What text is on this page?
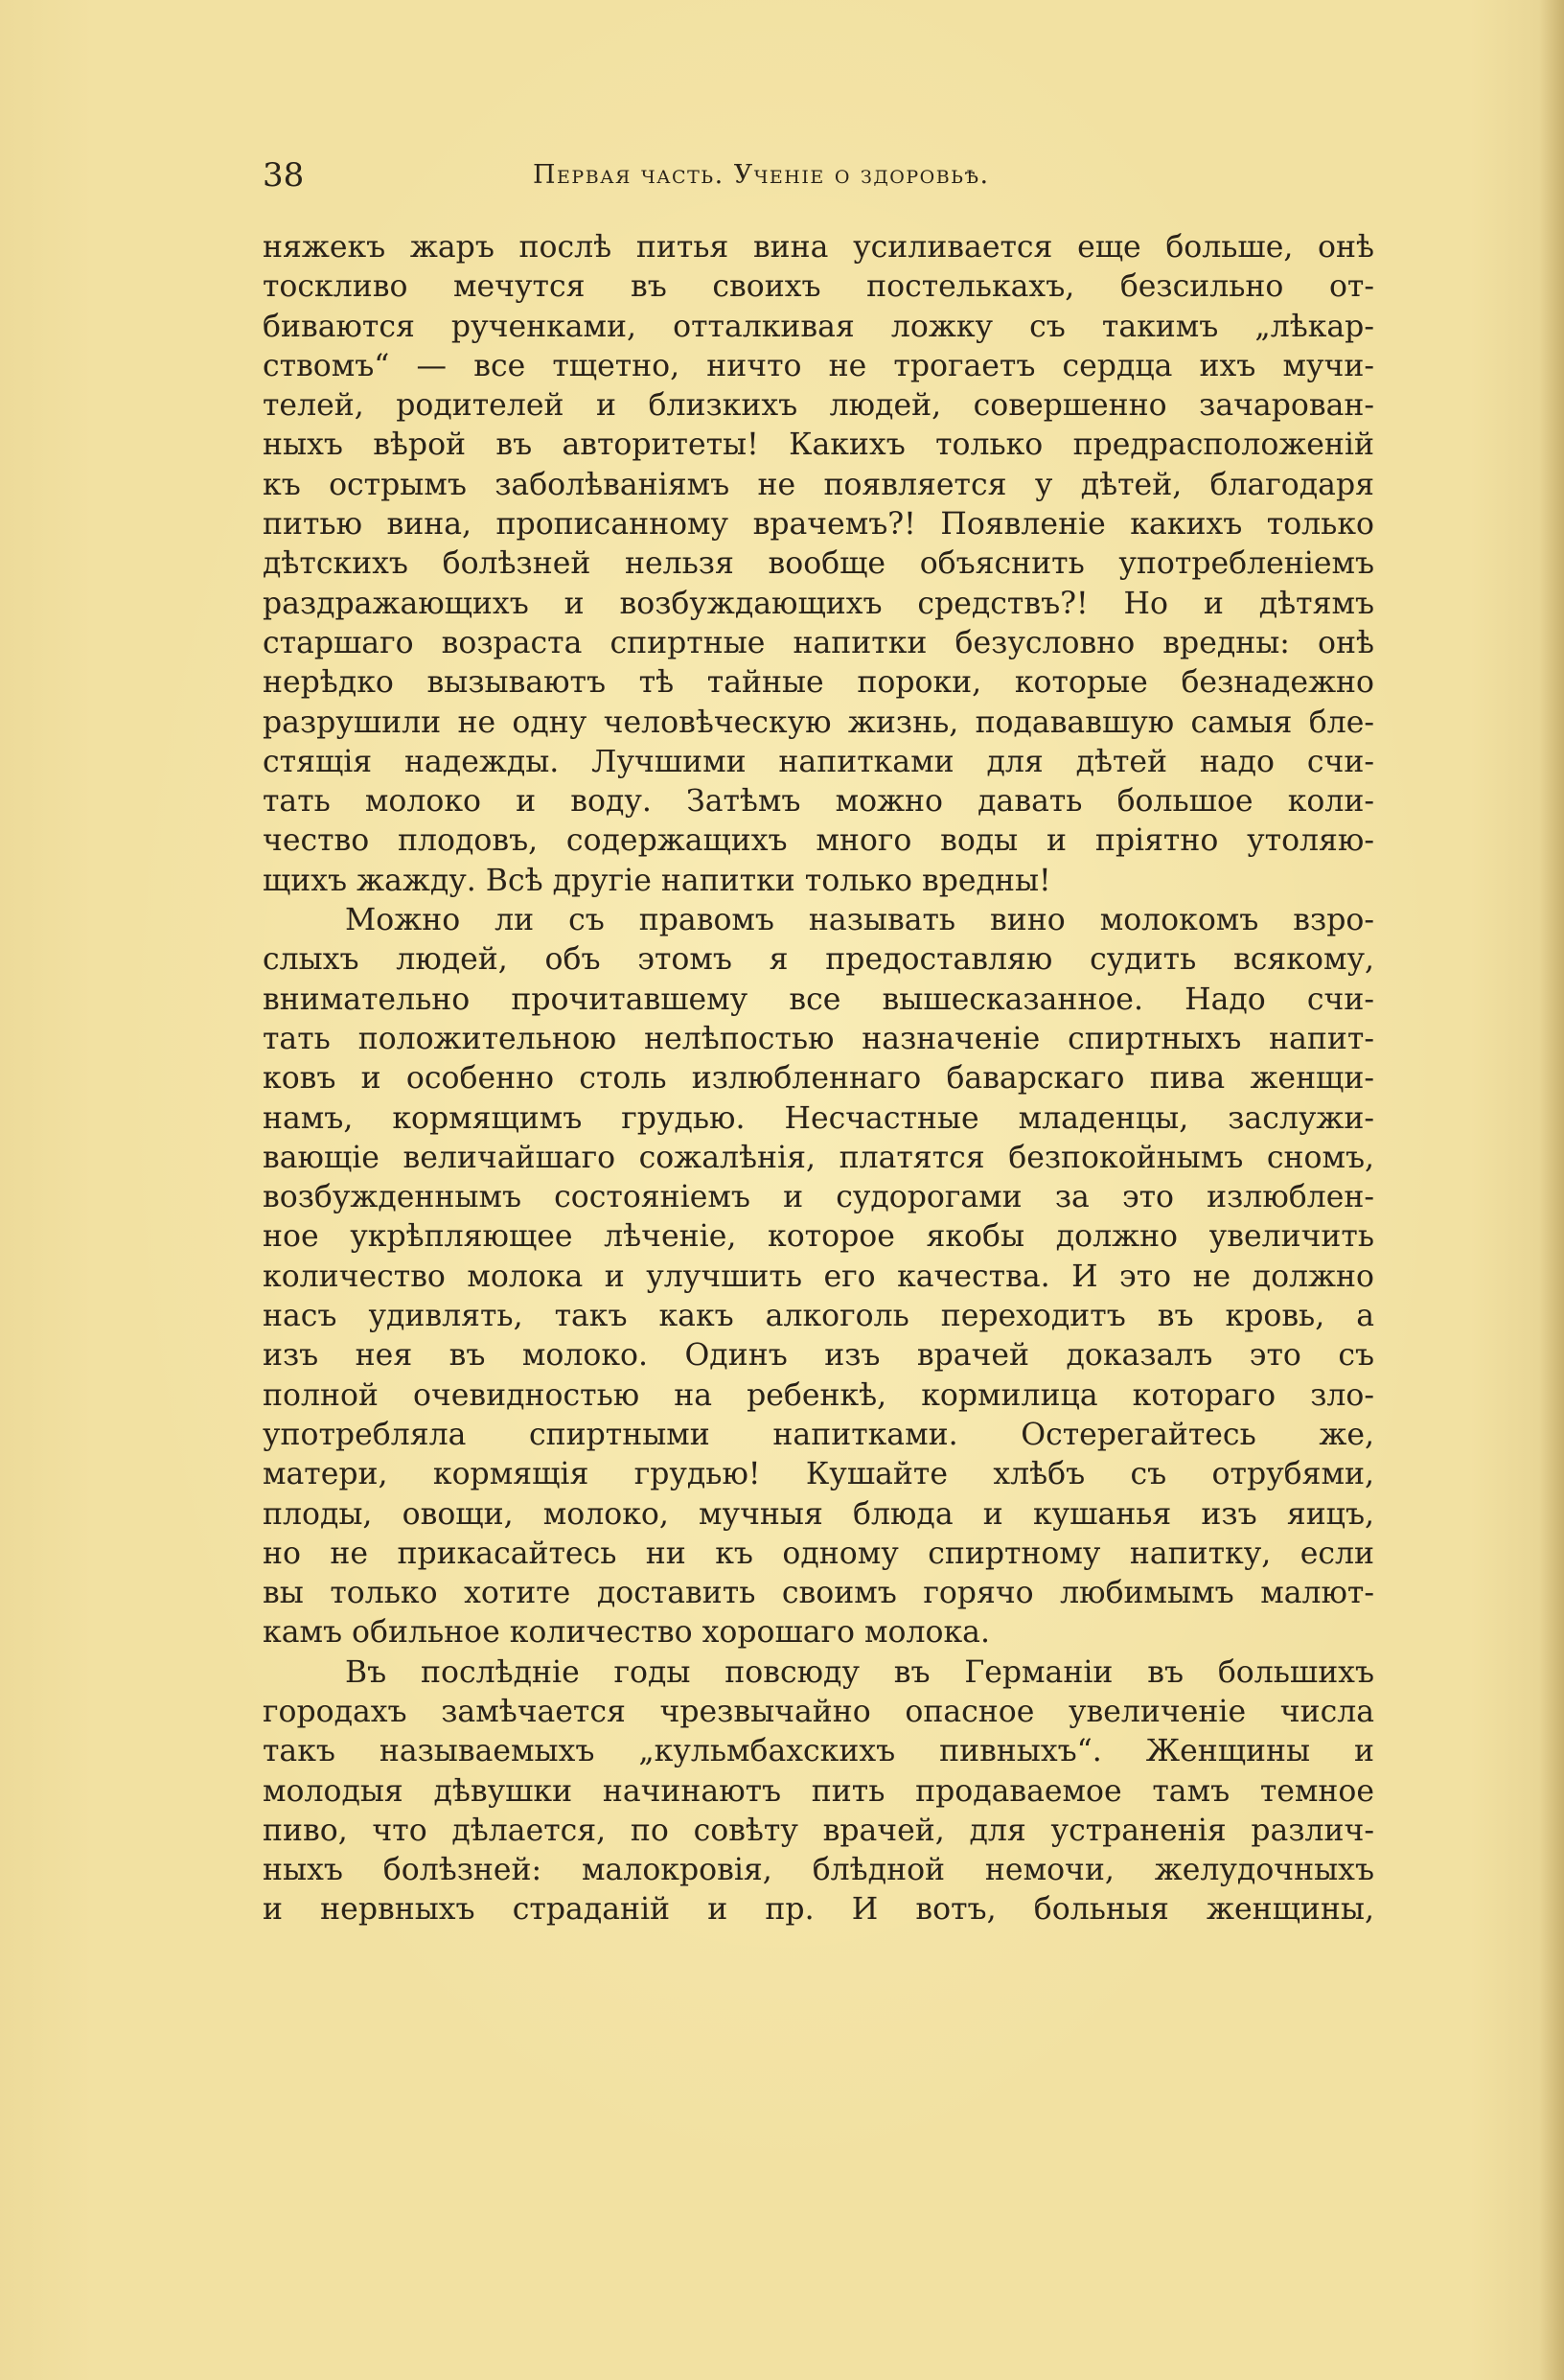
38	Первая часть. Ученіе о здоровьѣ.
няжекъ жаръ послѣ питья вина усиливается еще больше, онѣ
тоскливо мечутся въ своихъ постелькахъ, безсильно от-
биваются рученками, отталкивая ложку съ такимъ „лѣкар-
ствомъ“ — все тщетно, ничто не трогаетъ сердца ихъ мучи-
телей, родителей и близкихъ людей, совершенно зачарован-
ныхъ вѣрой въ авторитеты! Какихъ только предрасположеній
къ острымъ заболѣваніямъ не появляется у дѣтей, благодаря
питью вина, прописанному врачемъ?! Появленіе какихъ только
дѣтскихъ болѣзней нельзя вообще объяснить употребленіемъ
раздражающихъ и возбуждающихъ средствъ?! Но и дѣтямъ
старшаго возраста спиртные напитки безусловно вредны: онѣ
нерѣдко вызываютъ тѣ тайные пороки, которые безнадежно
разрушили не одну человѣческую жизнь, подававшую самыя бле-
стящія надежды. Лучшими напитками для дѣтей надо счи-
тать молоко и воду. Затѣмъ можно давать большое коли-
чество плодовъ, содержащихъ много воды и пріятно утоляю-
щихъ жажду. Всѣ другіе напитки только вредны!
Можно ли съ правомъ называть вино молокомъ взро-
слыхъ людей, объ этомъ я предоставляю судить всякому,
внимательно прочитавшему все вышесказанное. Надо счи-
тать положительною нелѣпостью назначеніе спиртныхъ напит-
ковъ и особенно столь излюбленнаго баварскаго пива женщи-
намъ, кормящимъ грудью. Несчастные младенцы, заслужи-
вающіе величайшаго сожалѣнія, платятся безпокойнымъ сномъ,
возбужденнымъ состояніемъ и судорогами за это излюблен-
ное укрѣпляющее лѣченіе, которое якобы должно увеличить
количество молока и улучшить его качества. И это не должно
насъ удивлять, такъ какъ алкоголь переходитъ въ кровь, а
изъ нея въ молоко. Одинъ изъ врачей доказалъ это съ
полной очевидностью на ребенкѣ, кормилица котораго зло-
употребляла спиртными напитками. Остерегайтесь же,
матери, кормящія грудью! Кушайте хлѣбъ съ отрубями,
плоды, овощи, молоко, мучныя блюда и кушанья изъ яицъ,
но не прикасайтесь ни къ одному спиртному напитку, если
вы только хотите доставить своимъ горячо любимымъ малют-
камъ обильное количество хорошаго молока.
Въ послѣдніе годы повсюду въ Германіи въ большихъ
городахъ замѣчается чрезвычайно опасное увеличеніе числа
такъ называемыхъ „кульмбахскихъ пивныхъ“. Женщины и
молодыя дѣвушки начинаютъ пить продаваемое тамъ темное
пиво, что дѣлается, по совѣту врачей, для устраненія различ-
ныхъ болѣзней: малокровія, блѣдной немочи, желудочныхъ
и нервныхъ страданій и пр. И вотъ, больныя женщины,
